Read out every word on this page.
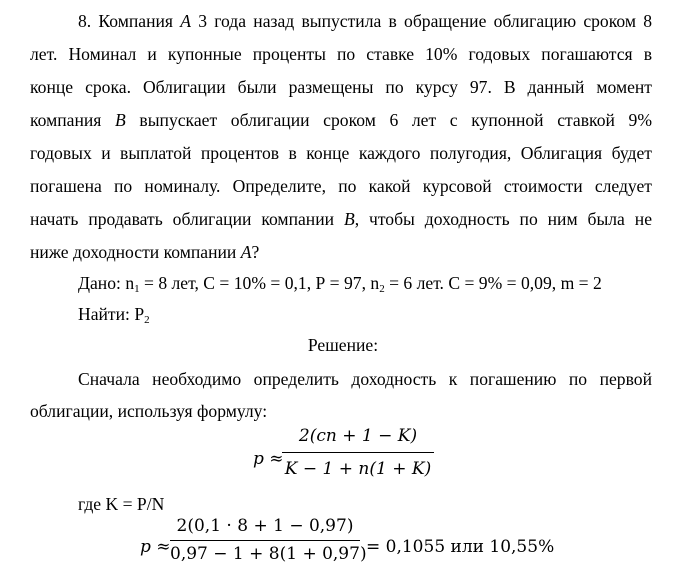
8. Компания A 3 года назад выпустила в обращение облигацию сроком 8
лет. Номинал и купонные проценты по ставке 10% годовых погашаются в
конце срока. Облигации были размещены по курсу 97. В данный момент
компания B выпускает облигации сроком 6 лет с купонной ставкой 9%
годовых и выплатой процентов в конце каждого полугодия, Облигация будет
погашена по номиналу. Определите, по какой курсовой стоимости следует
начать продавать облигации компании B, чтобы доходность по ним была не
ниже доходности компании A?
Дано: $n_1 = 8$ лет, С = 10% = 0,1, Р = 97, $n_2 = 6$ лет. С = 9% = 0,09, m = 2
Найти: $P_2$
Решение:
Сначала необходимо определить доходность к погашению по первой
облигации, используя формулу:
p ≈
2(cn + 1 − K)
K − 1 + n(1 + K)
где K = P/N
p ≈
2(0,1 · 8 + 1 − 0,97)
0,97 − 1 + 8(1 + 0,97) = 0,1055 или 10,55%
